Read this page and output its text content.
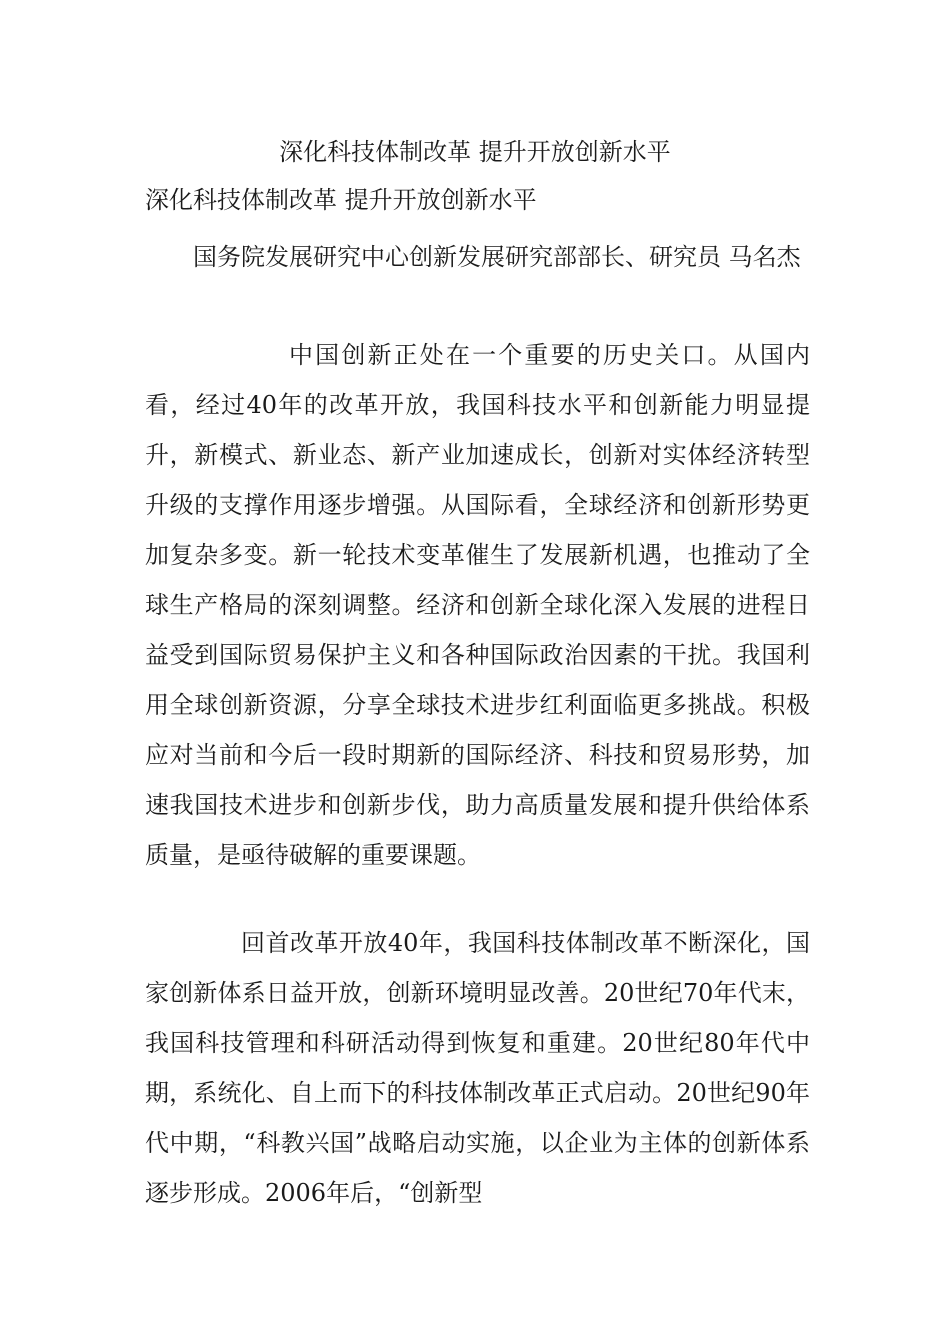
深化科技体制改革 提升开放创新水平

深化科技体制改革 提升开放创新水平

国务院发展研究中心创新发展研究部部长、研究员 马名杰

中国创新正处在一个重要的历史关口。从国内看，经过40年的改革开放，我国科技水平和创新能力明显提升，新模式、新业态、新产业加速成长，创新对实体经济转型升级的支撑作用逐步增强。从国际看，全球经济和创新形势更加复杂多变。新一轮技术变革催生了发展新机遇，也推动了全球生产格局的深刻调整。经济和创新全球化深入发展的进程日益受到国际贸易保护主义和各种国际政治因素的干扰。我国利用全球创新资源，分享全球技术进步红利面临更多挑战。积极应对当前和今后一段时期新的国际经济、科技和贸易形势，加速我国技术进步和创新步伐，助力高质量发展和提升供给体系质量，是亟待破解的重要课题。

回首改革开放40年，我国科技体制改革不断深化，国家创新体系日益开放，创新环境明显改善。20世纪70年代末，我国科技管理和科研活动得到恢复和重建。20世纪80年代中期，系统化、自上而下的科技体制改革正式启动。20世纪90年代中期，“科教兴国”战略启动实施，以企业为主体的创新体系逐步形成。2006年后，“创新型
